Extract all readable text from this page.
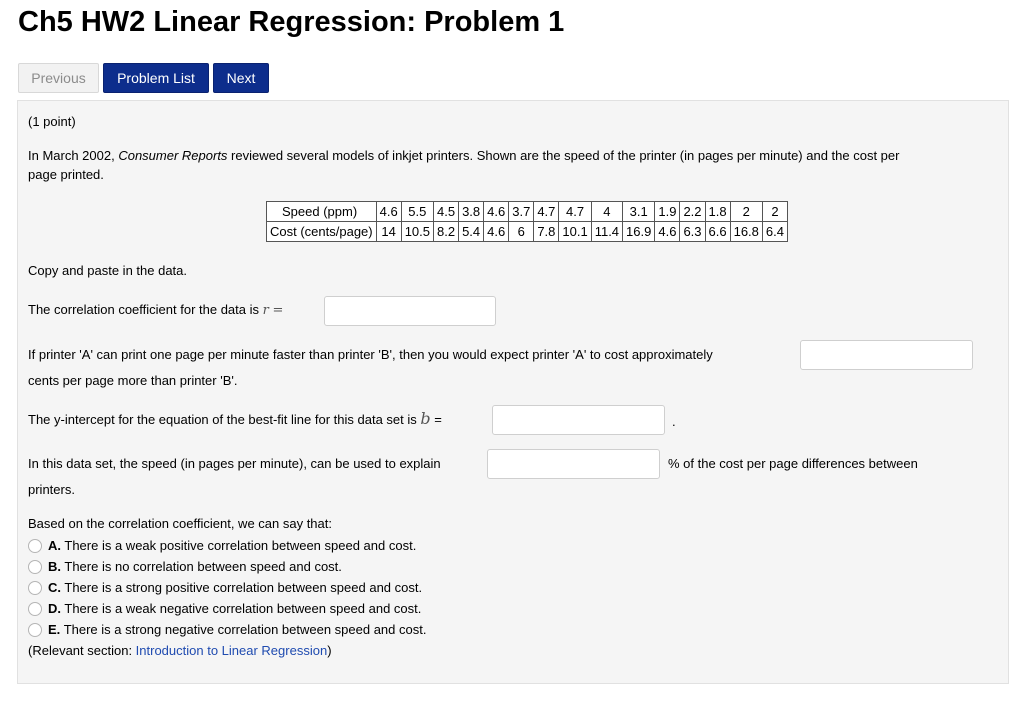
Ch5 HW2 Linear Regression: Problem 1
Previous	Problem List	Next
(1 point)
In March 2002, Consumer Reports reviewed several models of inkjet printers. Shown are the speed of the printer (in pages per minute) and the cost per
page printed.
Speed (ppm)	4.6	5.5	4.5	3.8	4.6	3.7	4.7	4.7	4	3.1	1.9	2.2	1.8	2	2
Cost (cents/page)	14	10.5	8.2	5.4	4.6	6	7.8	10.1	11.4	16.9	4.6	6.3	6.6	16.8	6.4
Copy and paste in the data.
The correlation coefficient for the data is r =
If printer 'A' can print one page per minute faster than printer 'B', then you would expect printer 'A' to cost approximately
cents per page more than printer 'B'.
The y-intercept for the equation of the best-fit line for this data set is b =	.
In this data set, the speed (in pages per minute), can be used to explain	% of the cost per page differences between
printers.
Based on the correlation coefficient, we can say that:
A. There is a weak positive correlation between speed and cost.
B. There is no correlation between speed and cost.
C. There is a strong positive correlation between speed and cost.
D. There is a weak negative correlation between speed and cost.
E. There is a strong negative correlation between speed and cost.
(Relevant section: Introduction to Linear Regression)
